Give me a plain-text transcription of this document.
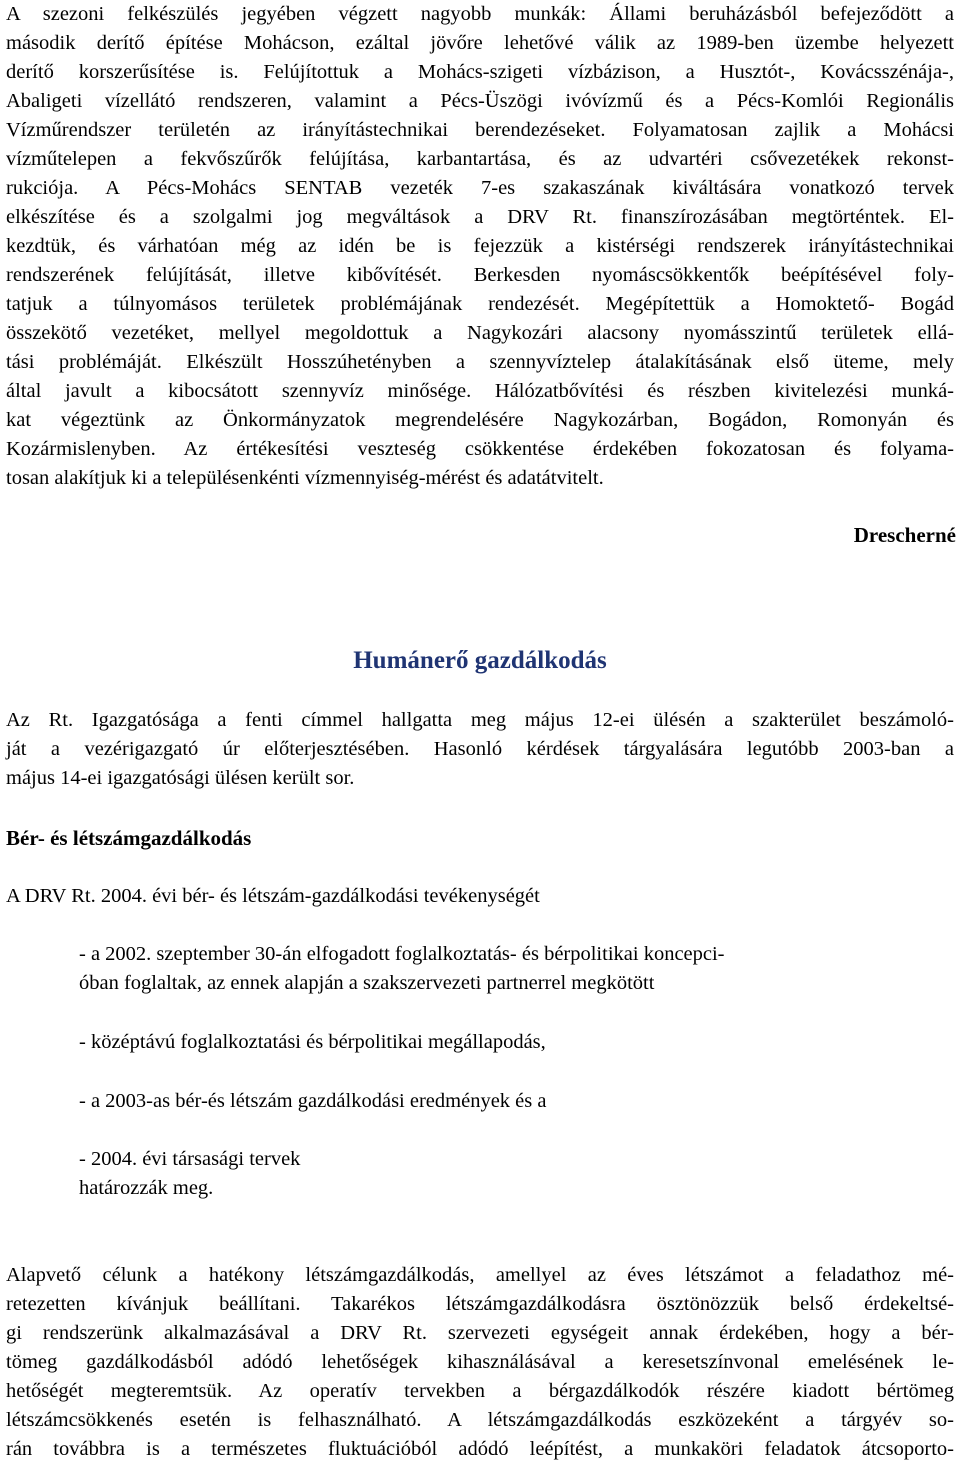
A szezoni felkészülés jegyében végzett nagyobb munkák: Állami beruházásból befejeződött a
második derítő építése Mohácson, ezáltal jövőre lehetővé válik az 1989-ben üzembe helyezett
derítő korszerűsítése is. Felújítottuk a Mohács-szigeti vízbázison, a Husztót-, Kovácsszénája-,
Abaligeti vízellátó rendszeren, valamint a Pécs-Üszögi ivóvízmű és a Pécs-Komlói Regionális
Vízműrendszer területén az irányítástechnikai berendezéseket. Folyamatosan zajlik a Mohácsi
vízműtelepen a fekvőszűrők felújítása, karbantartása, és az udvartéri csővezetékek rekonst-
rukciója. A Pécs-Mohács SENTAB vezeték 7-es szakaszának kiváltására vonatkozó tervek
elkészítése és a szolgalmi jog megváltások a DRV Rt. finanszírozásában megtörténtek. El-
kezdtük, és várhatóan még az idén be is fejezzük a kistérségi rendszerek irányítástechnikai
rendszerének felújítását, illetve kibővítését. Berkesden nyomáscsökkentők beépítésével foly-
tatjuk a túlnyomásos területek problémájának rendezését. Megépítettük a Homoktető- Bogád
összekötő vezetéket, mellyel megoldottuk a Nagykozári alacsony nyomásszintű területek ellá-
tási problémáját. Elkészült Hosszúhetényben a szennyvíztelep átalakításának első üteme, mely
által javult a kibocsátott szennyvíz minősége. Hálózatbővítési és részben kivitelezési munká-
kat végeztünk az Önkormányzatok megrendelésére Nagykozárban, Bogádon, Romonyán és
Kozármislenyben. Az értékesítési veszteség csökkentése érdekében fokozatosan és folyama-
tosan alakítjuk ki a településenkénti vízmennyiség-mérést és adatátvitelt.
Drescherné
Humánerő gazdálkodás
Az Rt. Igazgatósága a fenti címmel hallgatta meg május 12-ei ülésén a szakterület beszámoló-
ját a vezérigazgató úr előterjesztésében. Hasonló kérdések tárgyalására legutóbb 2003-ban a
május 14-ei igazgatósági ülésen került sor.
Bér- és létszámgazdálkodás

A DRV Rt. 2004. évi bér- és létszám-gazdálkodási tevékenységét

- a 2002. szeptember 30-án elfogadott foglalkoztatás- és bérpolitikai koncepci-

óban foglaltak, az ennek alapján a szakszervezeti partnerrel megkötött

- középtávú foglalkoztatási és bérpolitikai megállapodás,

- a 2003-as bér-és létszám gazdálkodási eredmények és a

- 2004. évi társasági tervek

határozzák meg.

Alapvető célunk a hatékony létszámgazdálkodás, amellyel az éves létszámot a feladathoz mé-
retezetten kívánjuk beállítani. Takarékos létszámgazdálkodásra ösztönözzük belső érdekeltsé-
gi rendszerünk alkalmazásával a DRV Rt. szervezeti egységeit annak érdekében, hogy a bér-
tömeg gazdálkodásból adódó lehetőségek kihasználásával a keresetszínvonal emelésének le-
hetőségét megteremtsük. Az operatív tervekben a bérgazdálkodók részére kiadott bértömeg
létszámcsökkenés esetén is felhasználható. A létszámgazdálkodás eszközeként a tárgyév so-
rán továbbra is a természetes fluktuációból adódó leépítést, a munkaköri feladatok átcsoporto-
